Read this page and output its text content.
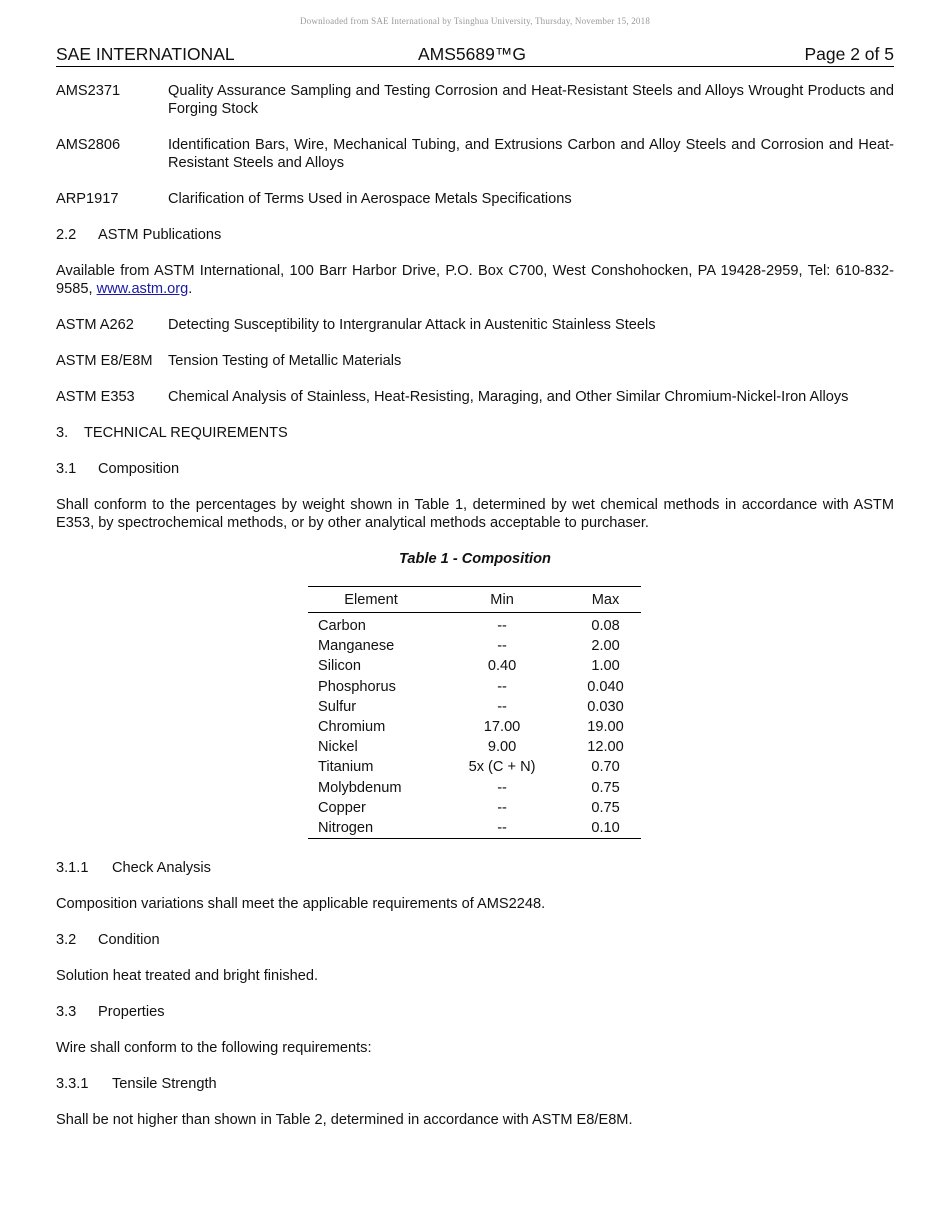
Downloaded from SAE International by Tsinghua University, Thursday, November 15, 2018
SAE INTERNATIONAL	AMS5689™G	Page 2 of 5
AMS2371	Quality Assurance Sampling and Testing Corrosion and Heat-Resistant Steels and Alloys Wrought Products and Forging Stock
AMS2806	Identification Bars, Wire, Mechanical Tubing, and Extrusions Carbon and Alloy Steels and Corrosion and Heat-Resistant Steels and Alloys
ARP1917	Clarification of Terms Used in Aerospace Metals Specifications
2.2 ASTM Publications

Available from ASTM International, 100 Barr Harbor Drive, P.O. Box C700, West Conshohocken, PA 19428-2959, Tel: 610-832-9585, www.astm.org.

ASTM A262	Detecting Susceptibility to Intergranular Attack in Austenitic Stainless Steels
ASTM E8/E8M	Tension Testing of Metallic Materials
ASTM E353	Chemical Analysis of Stainless, Heat-Resisting, Maraging, and Other Similar Chromium-Nickel-Iron Alloys
3. TECHNICAL REQUIREMENTS
3.1 Composition

Shall conform to the percentages by weight shown in Table 1, determined by wet chemical methods in accordance with ASTM E353, by spectrochemical methods, or by other analytical methods acceptable to purchaser.

Table 1 - Composition
Element	Min	Max
Carbon	--	0.08
Manganese	--	2.00
Silicon	0.40	1.00
Phosphorus	--	0.040
Sulfur	--	0.030
Chromium	17.00	19.00
Nickel	9.00	12.00
Titanium	5x (C + N)	0.70
Molybdenum	--	0.75
Copper	--	0.75
Nitrogen	--	0.10
3.1.1 Check Analysis

Composition variations shall meet the applicable requirements of AMS2248.

3.2 Condition

Solution heat treated and bright finished.

3.3 Properties

Wire shall conform to the following requirements:

3.3.1 Tensile Strength

Shall be not higher than shown in Table 2, determined in accordance with ASTM E8/E8M.
